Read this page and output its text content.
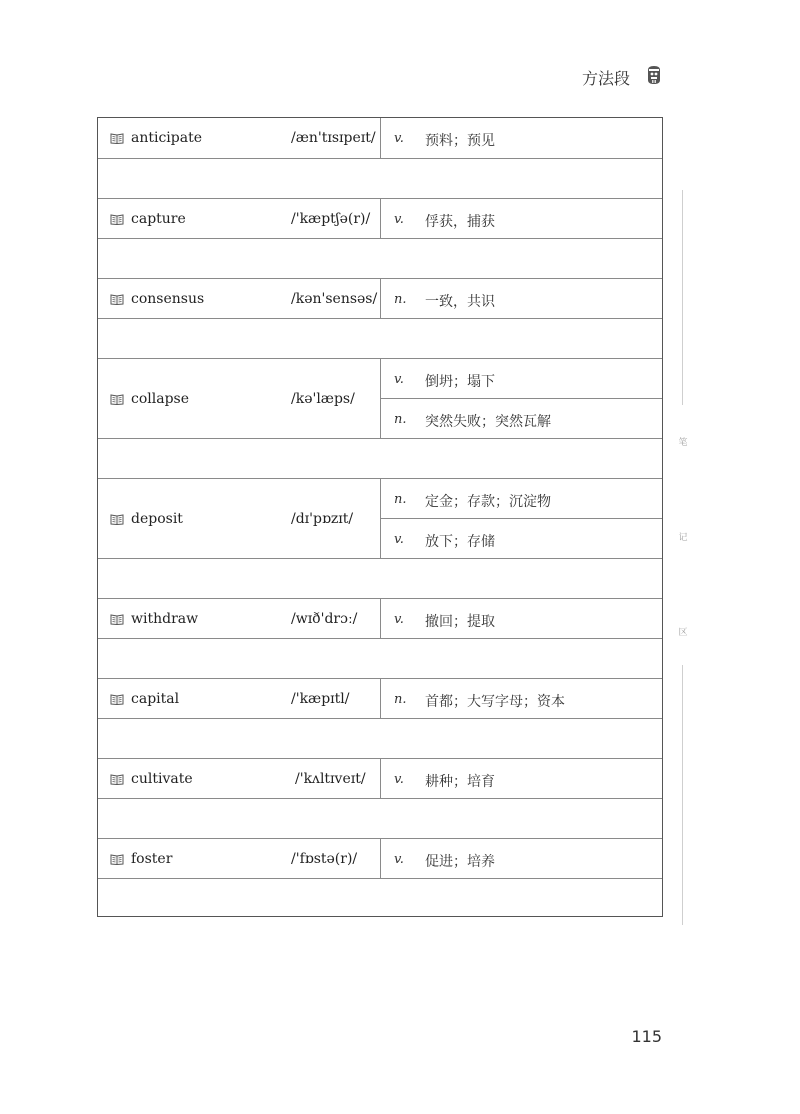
方法段
anticipate	/æn'tɪsɪpeɪt/ v. 预料；预见
capture	/'kæptʃə(r)/ v. 俘获，捕获
consensus	/kən'sensəs/ n. 一致，共识
collapse	/kə'læps/
v. 倒坍；塌下
n. 突然失败；突然瓦解
deposit	/dɪ'pɒzɪt/
n. 定金；存款；沉淀物
v. 放下；存储
withdraw	/wɪð'drɔː/	v. 撤回；提取
capital	/'kæpɪtl/	n. 首都；大写字母；资本
cultivate	/'kʌltɪveɪt/ v. 耕种；培育
foster	/'fɒstə(r)/	v. 促进；培养
笔
记
区
115
